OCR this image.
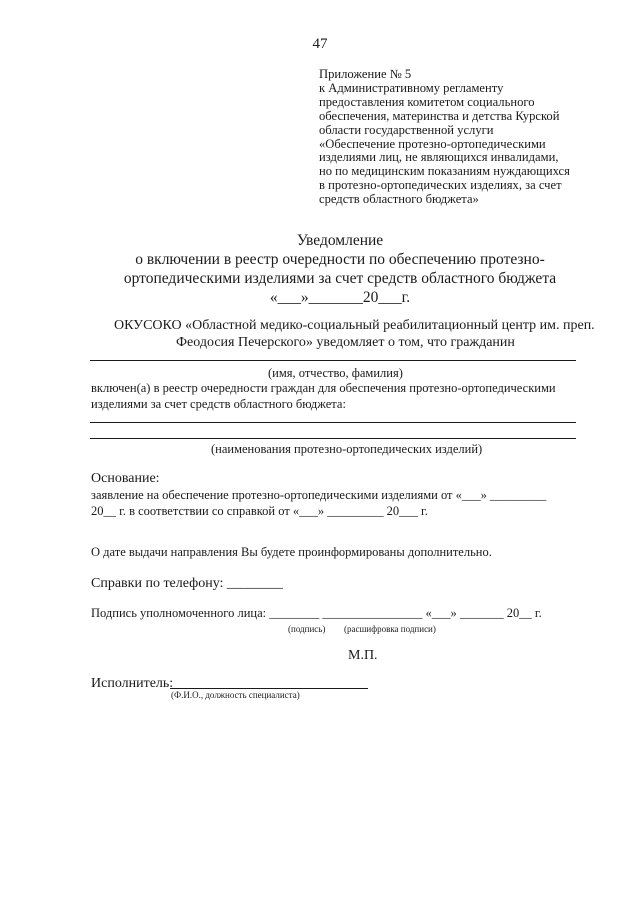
47
Приложение № 5
к Административному регламенту
предоставления комитетом социального
обеспечения, материнства и детства Курской
области государственной услуги
«Обеспечение протезно-ортопедическими
изделиями лиц, не являющихся инвалидами,
но по медицинским показаниям нуждающихся
в протезно-ортопедических изделиях, за счет
средств областного бюджета»
Уведомление
о включении в реестр очередности по обеспечению протезно-
ортопедическими изделиями за счет средств областного бюджета
«___»_______20___г.
ОКУСОКО «Областной медико-социальный реабилитационный центр им. преп.
Феодосия Печерского» уведомляет о том, что гражданин
(имя, отчество, фамилия)
включен(а) в реестр очередности граждан для обеспечения протезно-ортопедическими
изделиями за счет средств областного бюджета:
(наименования протезно-ортопедических изделий)
Основание:
заявление на обеспечение протезно-ортопедическими изделиями от «___» _________
20__ г. в соответствии со справкой от «___» _________ 20___ г.
О дате выдачи направления Вы будете проинформированы дополнительно.
Справки по телефону: ________
Подпись уполномоченного лица: ________ ________________ «___» _______ 20__ г.
(подпись) (расшифровка подписи)
М.П.
Исполнитель:
(Ф.И.О., должность специалиста)
